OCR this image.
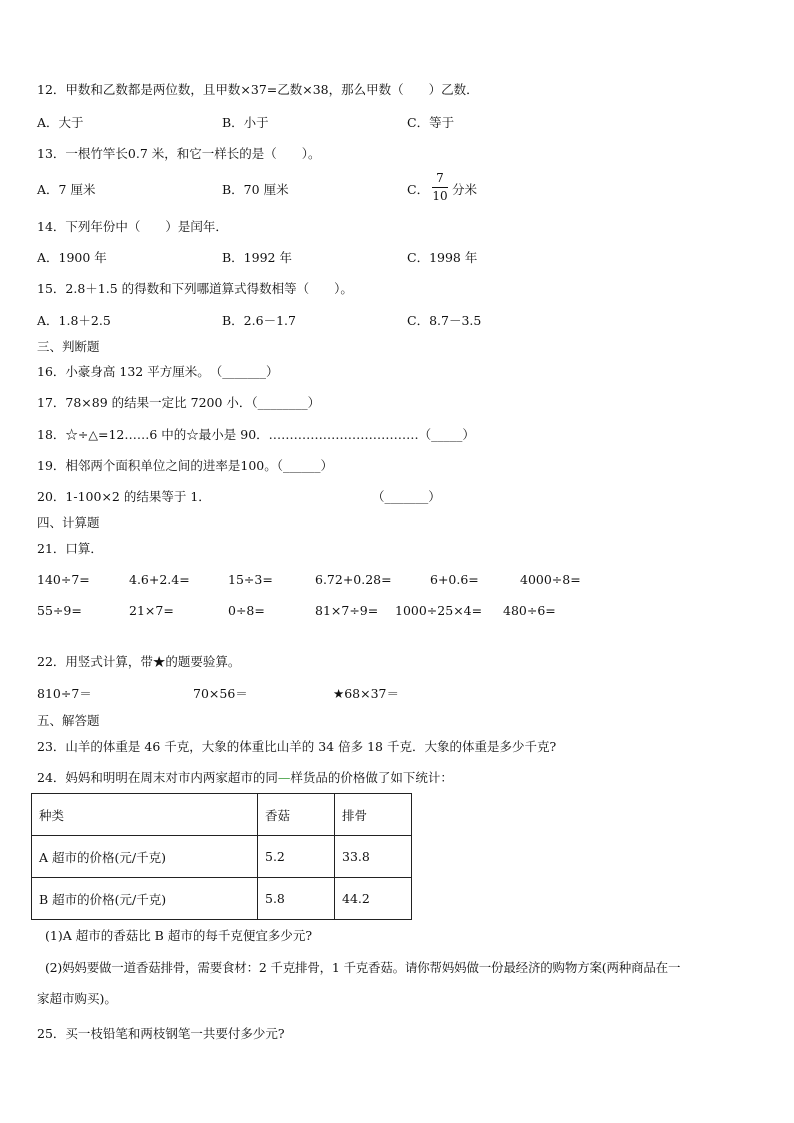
12．甲数和乙数都是两位数，且甲数×37=乙数×38，那么甲数（　　）乙数．
A．大于	B．小于	C．等于
13．一根竹竿长0.7 米，和它一样长的是（　　）。
A．7 厘米	B．70 厘米	C．
7
10 分米
14．下列年份中（　　）是闰年．
A．1900 年	B．1992 年	C．1998 年
15．2.8＋1.5 的得数和下列哪道算式得数相等（　　）。
A．1.8＋2.5	B．2.6－1.7	C．8.7－3.5
三、判断题
16．小豪身高 132 平方厘米。　（_______）
17．78×89 的结果一定比 7200 小．（________）
18．☆÷△=12……6 中的☆最小是 90．………………………………（_____）
19．相邻两个面积单位之间的进率是100。（______）
20．1-100×2 的结果等于 1．	（_______）
四、计算题
21．口算．
140÷7=	4.6+2.4=	15÷3=	6.72+0.28=	6+0.6=	4000÷8=
55÷9=	21×7=	0÷8=	81×7÷9= 1000÷25×4= 480÷6=
22．用竖式计算，带★的题要验算。
810÷7＝	70×56＝	★68×37＝
五、解答题
23．山羊的体重是 46 千克，大象的体重比山羊的 34 倍多 18 千克．大象的体重是多少千克?
24．妈妈和明明在周末对市内两家超市的同—样货品的价格做了如下统计：
种类	香菇	排骨
A 超市的价格(元/千克)	5.2	33.8
B 超市的价格(元/千克)	5.8	44.2
(1)A 超市的香菇比 B 超市的每千克便宜多少元?
(2)妈妈要做一道香菇排骨，需要食材：2 千克排骨，1 千克香菇。请你帮妈妈做一份最经济的购物方案(两种商品在一
家超市购买)。
25．买一枝铅笔和两枝钢笔一共要付多少元?
